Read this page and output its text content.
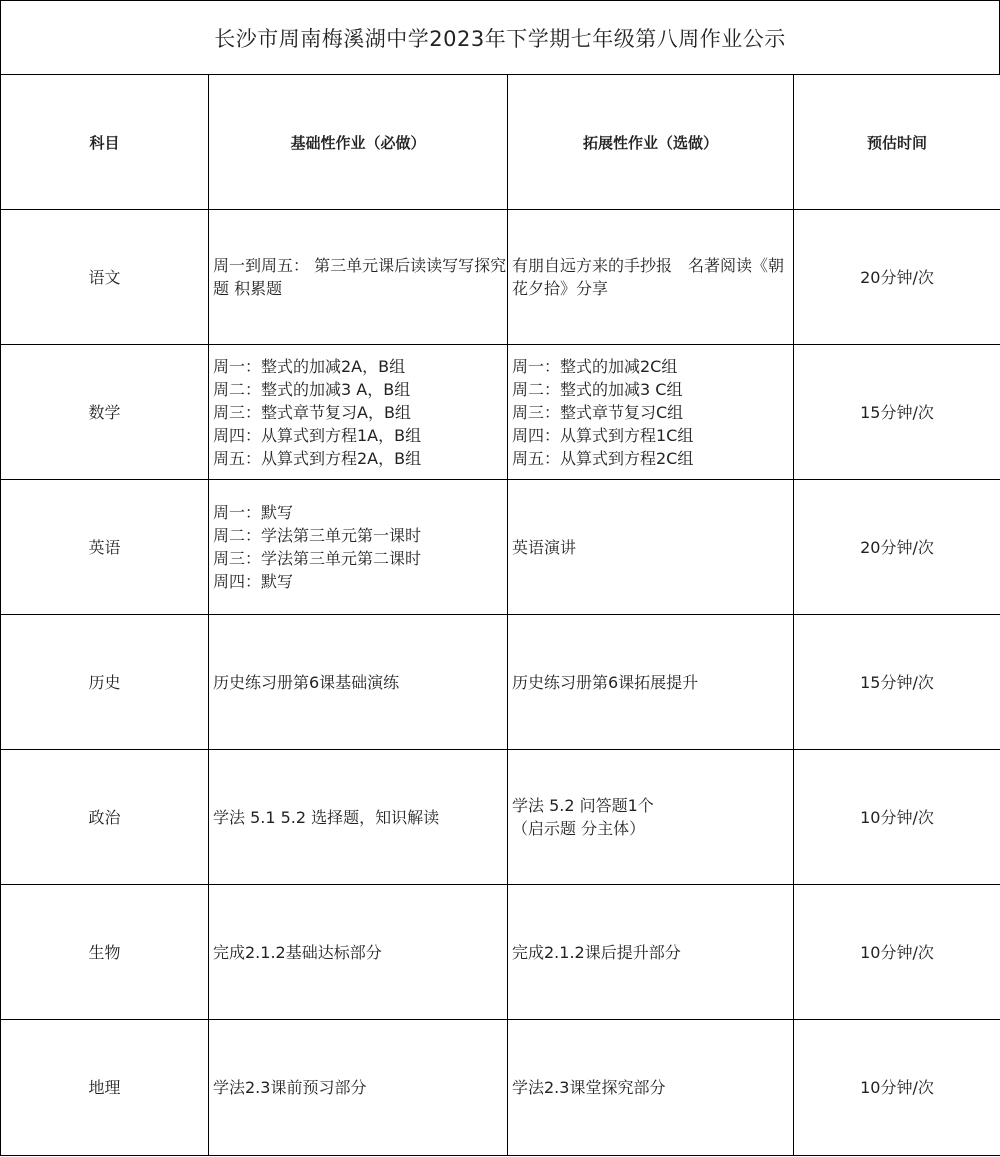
长沙市周南梅溪湖中学2023年下学期七年级第八周作业公示
科目	基础性作业（必做）	拓展性作业（选做）	预估时间
语文	周一到周五： 第三单元课后读读写写探究题 积累题	有朋自远方来的手抄报　名著阅读《朝花夕拾》分享	20分钟/次
数学	周一：整式的加减2A，B组
周二：整式的加减3 A，B组
周三：整式章节复习A，B组
周四：从算式到方程1A，B组
周五：从算式到方程2A，B组	周一：整式的加减2C组
周二：整式的加减3 C组
周三：整式章节复习C组
周四：从算式到方程1C组
周五：从算式到方程2C组	15分钟/次
英语	周一：默写
周二：学法第三单元第一课时
周三：学法第三单元第二课时
周四：默写	英语演讲	20分钟/次
历史	历史练习册第6课基础演练	历史练习册第6课拓展提升	15分钟/次
政治	学法 5.1 5.2 选择题，知识解读	学法 5.2 问答题1个
（启示题 分主体）	10分钟/次
生物	完成2.1.2基础达标部分	完成2.1.2课后提升部分	10分钟/次
地理	学法2.3课前预习部分	学法2.3课堂探究部分	10分钟/次
